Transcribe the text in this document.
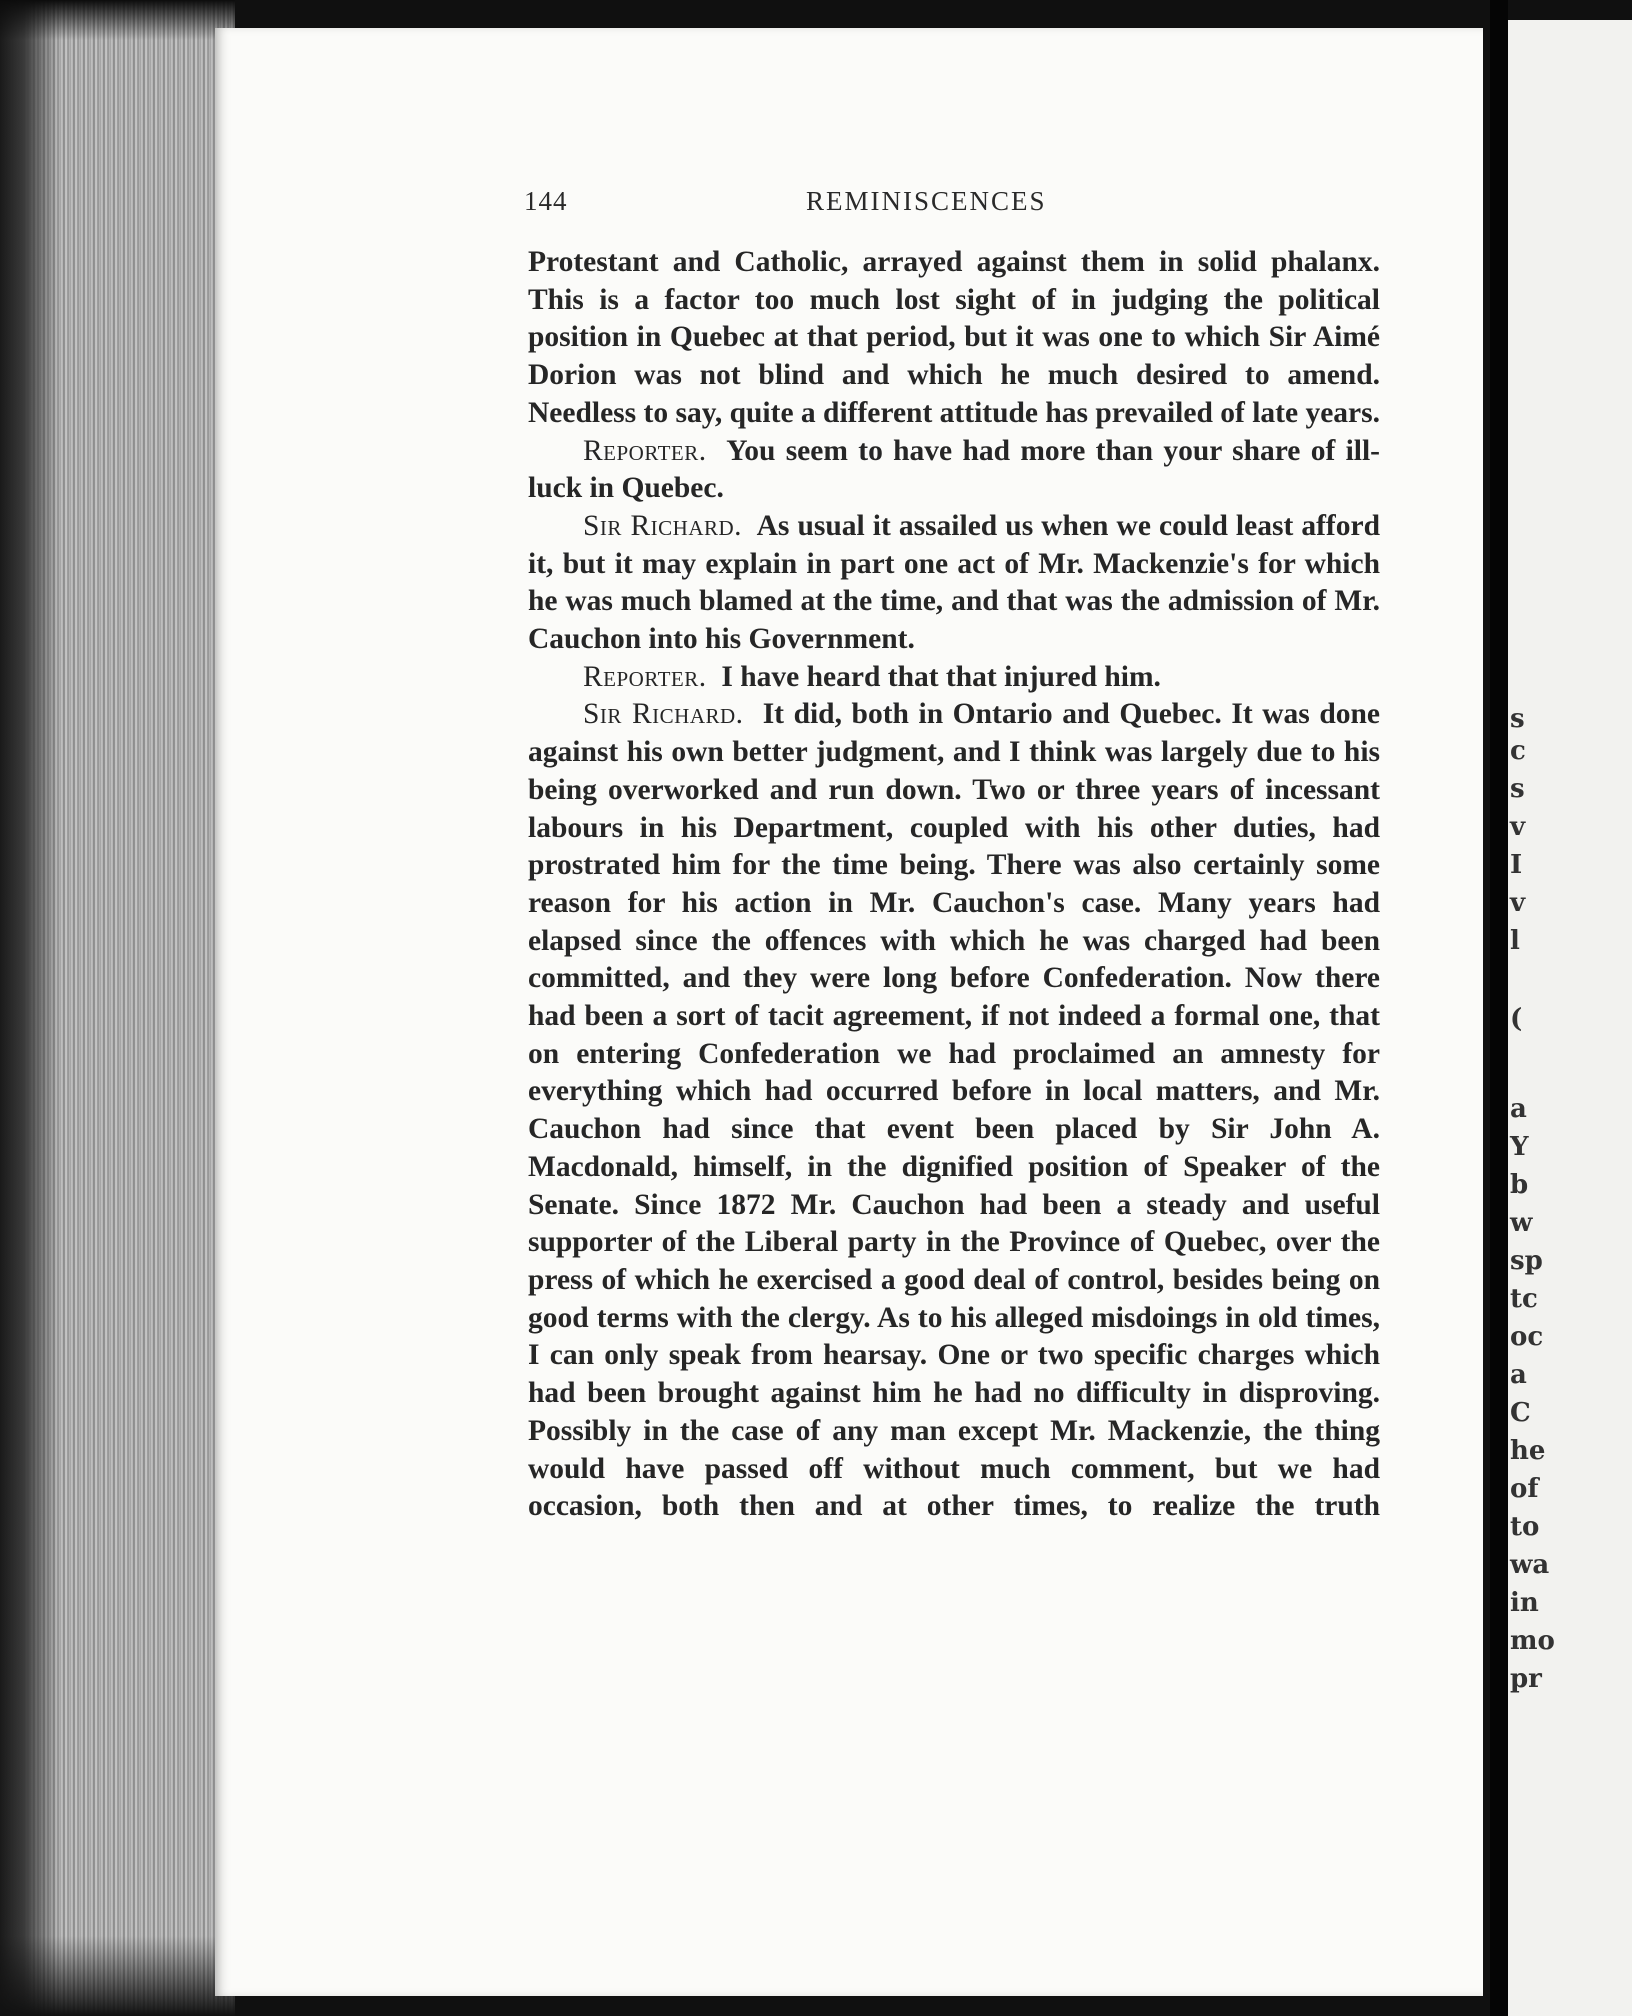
144	REMINISCENCES

Protestant and Catholic, arrayed against them in solid phalanx. This is a factor too much lost sight of in judging the political position in Quebec at that period, but it was one to which Sir Aimé Dorion was not blind and which he much desired to amend. Needless to say, quite a different attitude has prevailed of late years.

Reporter. You seem to have had more than your share of ill-luck in Quebec.

Sir Richard. As usual it assailed us when we could least afford it, but it may explain in part one act of Mr. Mackenzie's for which he was much blamed at the time, and that was the admission of Mr. Cauchon into his Government.

Reporter. I have heard that that injured him.

Sir Richard. It did, both in Ontario and Quebec. It was done against his own better judgment, and I think was largely due to his being overworked and run down. Two or three years of incessant labours in his Department, coupled with his other duties, had prostrated him for the time being. There was also certainly some reason for his action in Mr. Cauchon's case. Many years had elapsed since the offences with which he was charged had been committed, and they were long before Confederation. Now there had been a sort of tacit agreement, if not indeed a formal one, that on entering Confederation we had proclaimed an amnesty for everything which had occurred before in local matters, and Mr. Cauchon had since that event been placed by Sir John A. Macdonald, himself, in the dignified position of Speaker of the Senate. Since 1872 Mr. Cauchon had been a steady and useful supporter of the Liberal party in the Province of Quebec, over the press of which he exercised a good deal of control, besides being on good terms with the clergy. As to his alleged misdoings in old times, I can only speak from hearsay. One or two specific charges which had been brought against him he had no difficulty in disproving. Possibly in the case of any man except Mr. Mackenzie, the thing would have passed off without much comment, but we had occasion, both then and at other times, to realize the truth

s
c
s
v
I
v
l
(
a
Y
b
w
sp
tc
oc
a
C
he
of
to
wa
in
mo
pr
